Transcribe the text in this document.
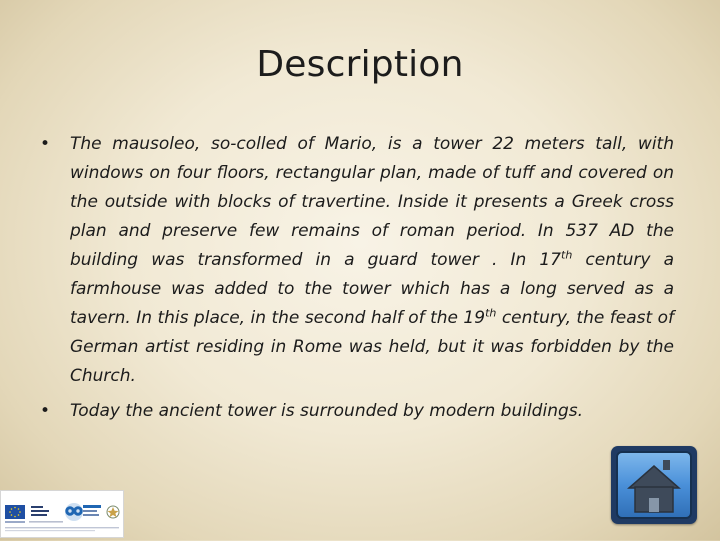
Description

• The mausoleo, so-colled of Mario, is a tower 22 meters tall, with windows on four floors, rectangular plan, made of tuff and covered on the outside with blocks of travertine. Inside it presents a Greek cross plan and preserve few remains of roman period. In 537 AD the building was transformed in a guard tower . In 17th century a farmhouse was added to the tower which has a long served as a tavern. In this place, in the second half of the 19th century, the feast of German artist residing in Rome was held, but it was forbidden by the Church.

• Today the ancient tower is surrounded by modern buildings.
